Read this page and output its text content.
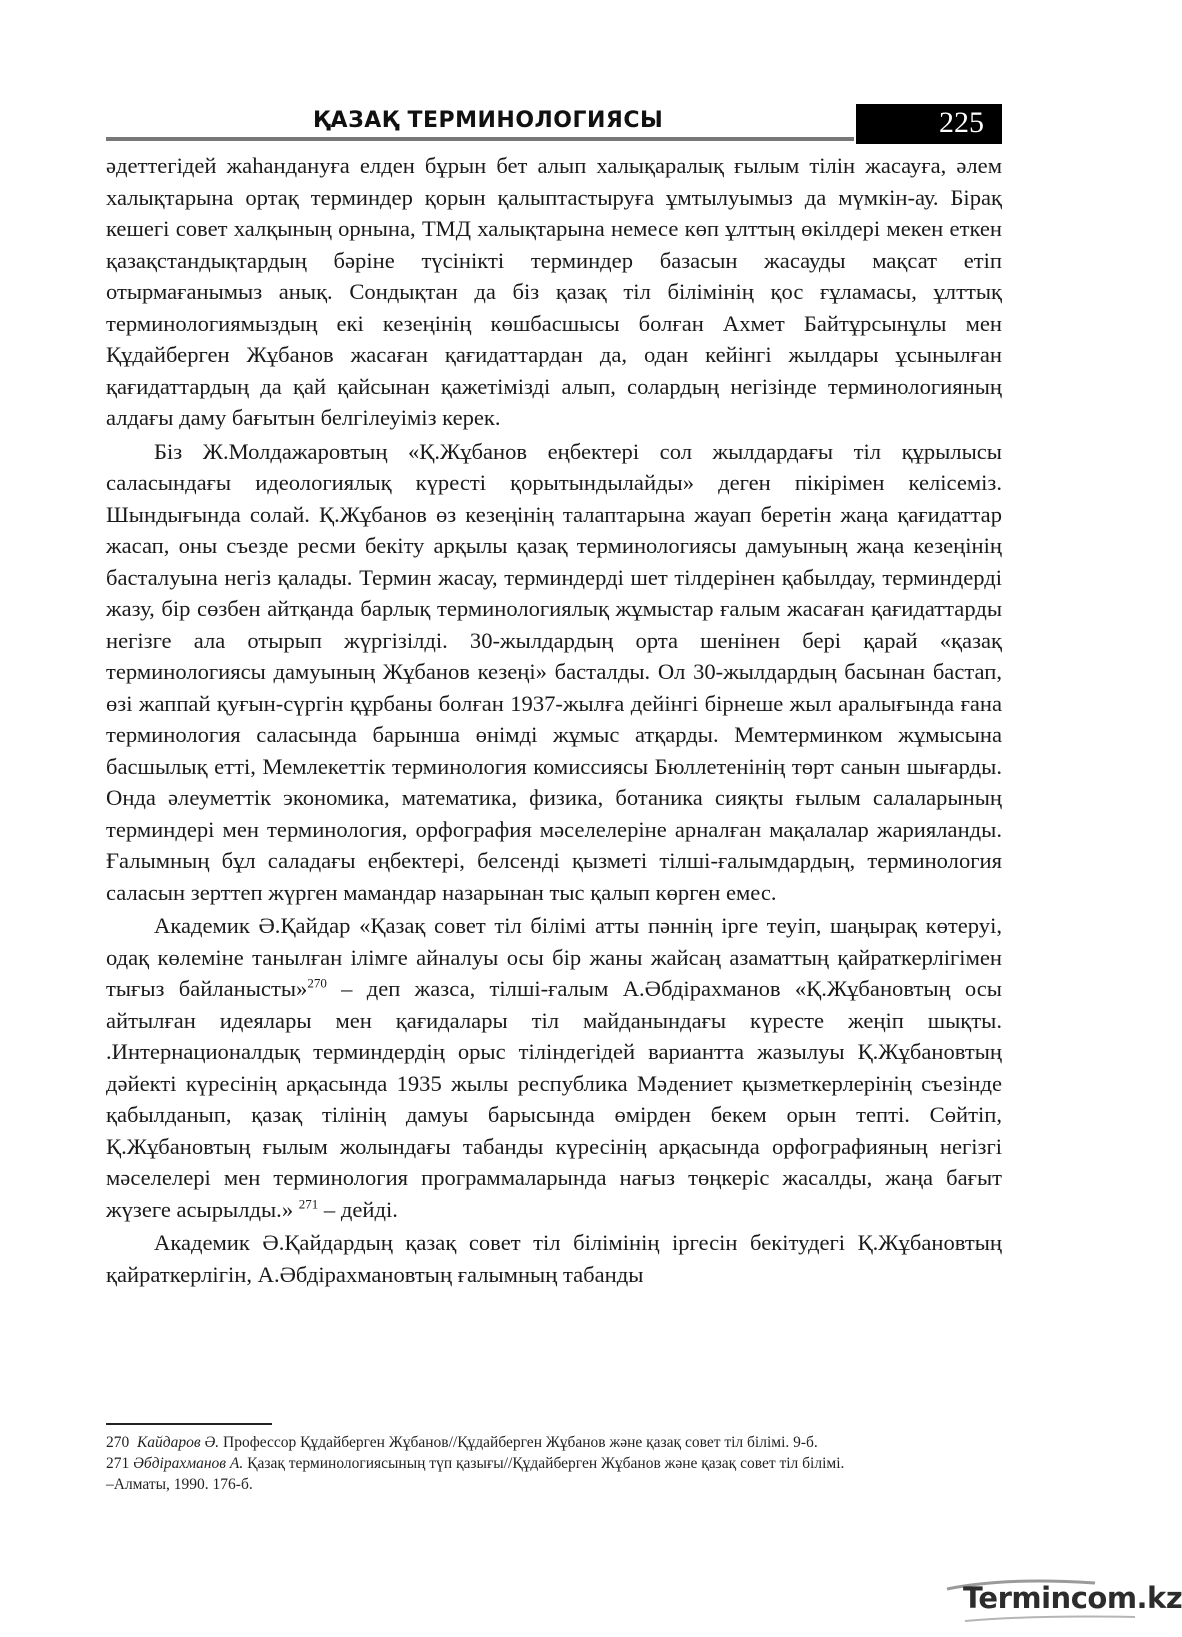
ҚАЗАҚ ТЕРМИНОЛОГИЯСЫ	225

әдеттегідей жаһандануға елден бұрын бет алып халықаралық ғылым тілін жасауға, әлем халықтарына ортақ терминдер қорын қалыптастыруға ұмтылуымыз да мүмкін-ау. Бірақ кешегі совет халқының орнына, ТМД халықтарына немесе көп ұлттың өкілдері мекен еткен қазақстандықтардың бәріне түсінікті терминдер базасын жасауды мақсат етіп отырмағанымыз анық. Сондықтан да біз қазақ тіл білімінің қос ғұламасы, ұлттық терминологиямыздың екі кезеңінің көшбасшысы болған Ахмет Байтұрсынұлы мен Құдайберген Жұбанов жасаған қағидаттардан да, одан кейінгі жылдары ұсынылған қағидаттардың да қай қайсынан қажетімізді алып, солардың негізінде терминологияның алдағы даму бағытын белгілеуіміз керек.

Біз Ж.Молдажаровтың «Қ.Жұбанов еңбектері сол жылдардағы тіл құрылысы саласындағы идеологиялық күресті қорытындылайды» деген пікірімен келісеміз. Шындығында солай. Қ.Жұбанов өз кезеңінің талаптарына жауап беретін жаңа қағидаттар жасап, оны съезде ресми бекіту арқылы қазақ терминологиясы дамуының жаңа кезеңінің басталуына негіз қалады. Термин жасау, терминдерді шет тілдерінен қабылдау, терминдерді жазу, бір сөзбен айтқанда барлық терминологиялық жұмыстар ғалым жасаған қағидаттарды негізге ала отырып жүргізілді. 30-жылдардың орта шенінен бері қарай «қазақ терминологиясы дамуының Жұбанов кезеңі» басталды. Ол 30-жылдардың басынан бастап, өзі жаппай қуғын-сүргін құрбаны болған 1937-жылға дейінгі бірнеше жыл аралығында ғана терминология саласында барынша өнімді жұмыс атқарды. Мемтерминком жұмысына басшылық етті, Мемлекеттік терминология комиссиясы Бюллетенінің төрт санын шығарды. Онда әлеуметтік экономика, математика, физика, ботаника сияқты ғылым салаларының терминдері мен терминология, орфография мәселелеріне арналған мақалалар жарияланды. Ғалымның бұл саладағы еңбектері, белсенді қызметі тілші-ғалымдардың, терминология саласын зерттеп жүрген мамандар назарынан тыс қалып көрген емес.

Академик Ә.Қайдар «Қазақ совет тіл білімі атты пәннің іргe теуіп, шаңырақ көтеруі, одақ көлеміне танылған ілімге айналуы осы бір жаны жайсаң азаматтың қайраткерлігімен тығыз байланысты»$^{270}$ – деп жазса, тілші-ғалым А.Әбдірахманов «Қ.Жұбановтың осы айтылған идеялары мен қағидалары тіл майданындағы күресте жеңіп шықты. .Интернационалдық терминдердің орыс тіліндегідей вариантта жазылуы Қ.Жұбановтың дәйекті күресінің арқасында 1935 жылы республика Мәдениет қызметкерлерінің съезінде қабылданып, қазақ тілінің дамуы барысында өмірден бекем орын тепті. Сөйтіп, Қ.Жұбановтың ғылым жолындағы табанды күресінің арқасында орфографияның негізгі мәселелері мен терминология программаларында нағыз төңкеріс жасалды, жаңа бағыт жүзеге асырылды.» $^{271}$ – дейді.

Академик Ә.Қайдардың қазақ совет тіл білімінің іргесін бекітудегі Қ.Жұбановтың қайраткерлігін, А.Әбдірахмановтың ғалымның табанды

270 Кайдаров Ә. Профессор Құдайберген Жұбанов//Құдайберген Жұбанов және қазақ совет тіл білімі. 9-б.

271 Әбдірахманов А. Қазақ терминологиясының түп қазығы//Құдайберген Жұбанов және қазақ совет тіл білімі.

–Алматы, 1990. 176-б.

Termincom.kz
